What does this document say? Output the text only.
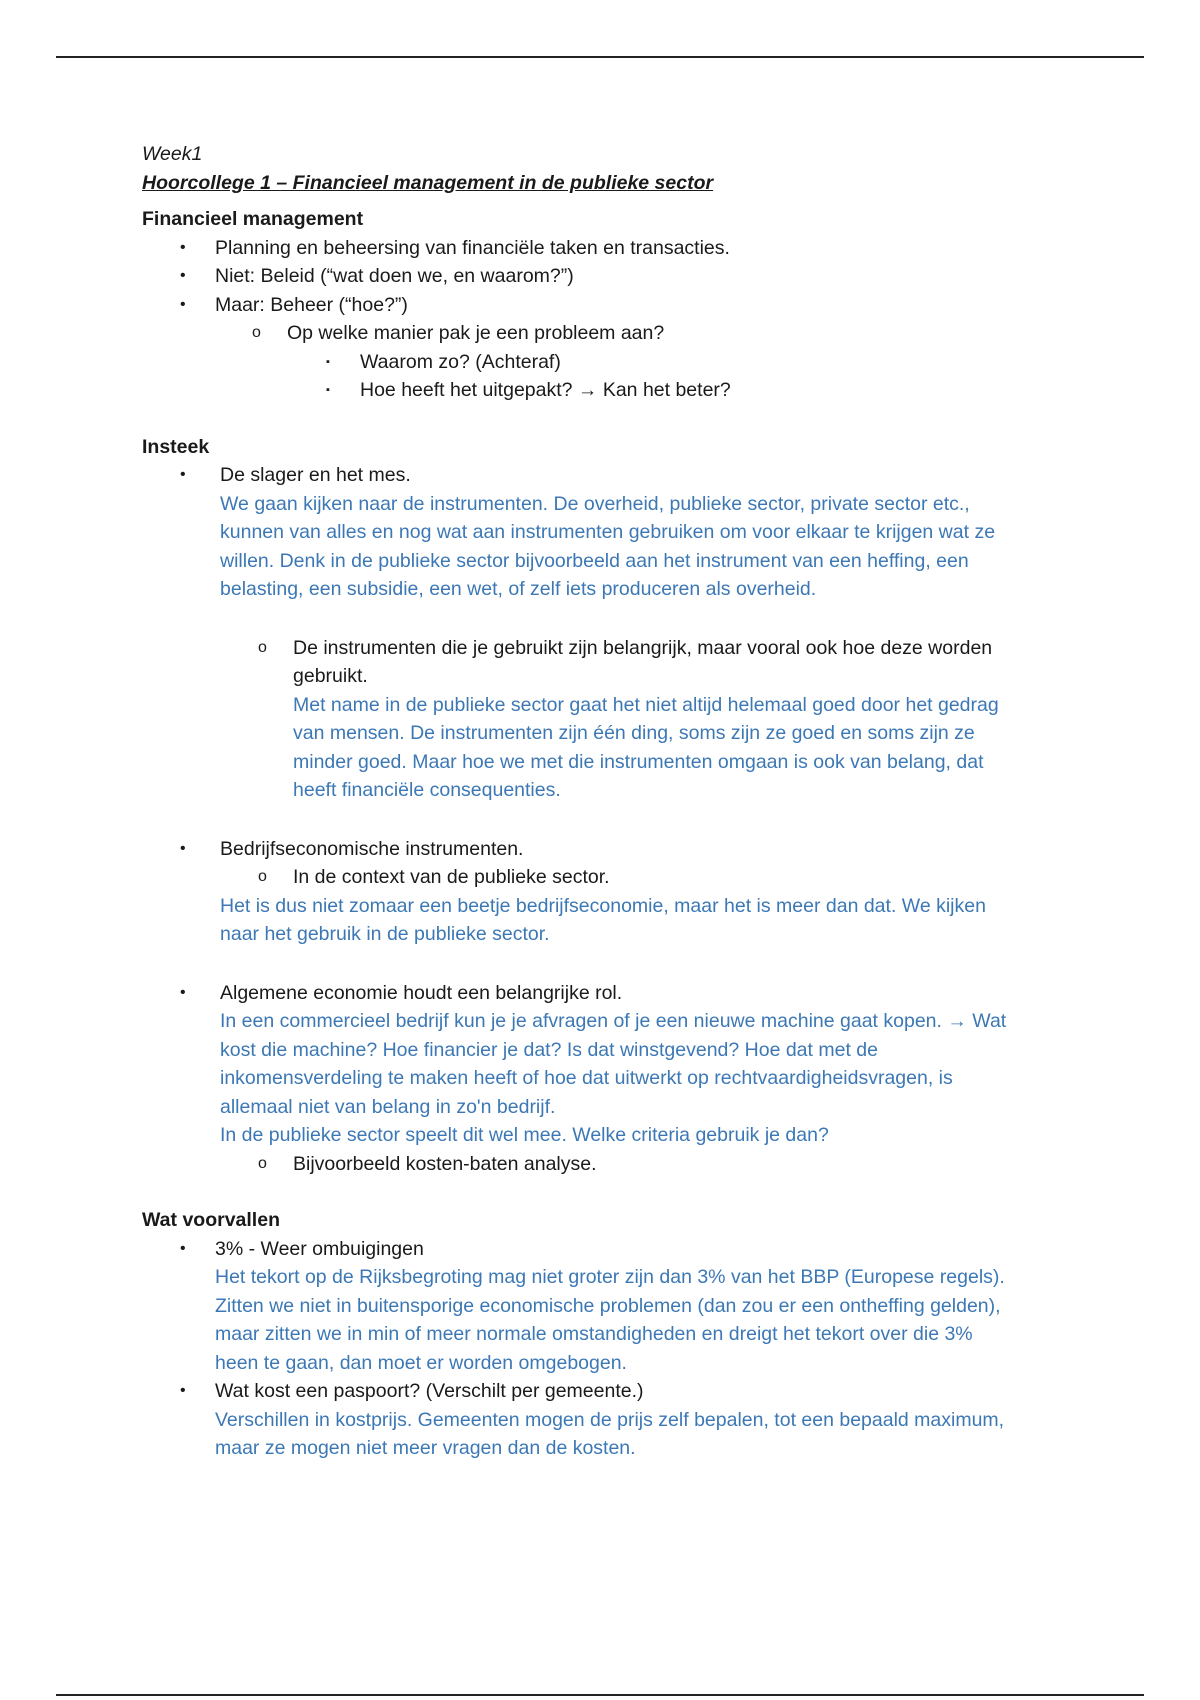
Week1
Hoorcollege 1 – Financieel management in de publieke sector
Financieel management
• Planning en beheersing van financiële taken en transacties.
• Niet: Beleid (“wat doen we, en waarom?”)
• Maar: Beheer (“hoe?”)
o Op welke manier pak je een probleem aan?
▪ Waarom zo? (Achteraf)
▪ Hoe heeft het uitgepakt? → Kan het beter?
Insteek
• De slager en het mes.
We gaan kijken naar de instrumenten. De overheid, publieke sector, private sector etc.,
kunnen van alles en nog wat aan instrumenten gebruiken om voor elkaar te krijgen wat ze
willen. Denk in de publieke sector bijvoorbeeld aan het instrument van een heffing, een
belasting, een subsidie, een wet, of zelf iets produceren als overheid.
o De instrumenten die je gebruikt zijn belangrijk, maar vooral ook hoe deze worden
gebruikt.
Met name in de publieke sector gaat het niet altijd helemaal goed door het gedrag
van mensen. De instrumenten zijn één ding, soms zijn ze goed en soms zijn ze
minder goed. Maar hoe we met die instrumenten omgaan is ook van belang, dat
heeft financiële consequenties.
• Bedrijfseconomische instrumenten.
o In de context van de publieke sector.
Het is dus niet zomaar een beetje bedrijfseconomie, maar het is meer dan dat. We kijken
naar het gebruik in de publieke sector.
• Algemene economie houdt een belangrijke rol.
In een commercieel bedrijf kun je je afvragen of je een nieuwe machine gaat kopen. → Wat
kost die machine? Hoe financier je dat? Is dat winstgevend? Hoe dat met de
inkomensverdeling te maken heeft of hoe dat uitwerkt op rechtvaardigheidsvragen, is
allemaal niet van belang in zo'n bedrijf.
In de publieke sector speelt dit wel mee. Welke criteria gebruik je dan?
o Bijvoorbeeld kosten-baten analyse.
Wat voorvallen
• 3% - Weer ombuigingen
Het tekort op de Rijksbegroting mag niet groter zijn dan 3% van het BBP (Europese regels).
Zitten we niet in buitensporige economische problemen (dan zou er een ontheffing gelden),
maar zitten we in min of meer normale omstandigheden en dreigt het tekort over die 3%
heen te gaan, dan moet er worden omgebogen.
• Wat kost een paspoort? (Verschilt per gemeente.)
Verschillen in kostprijs. Gemeenten mogen de prijs zelf bepalen, tot een bepaald maximum,
maar ze mogen niet meer vragen dan de kosten.
